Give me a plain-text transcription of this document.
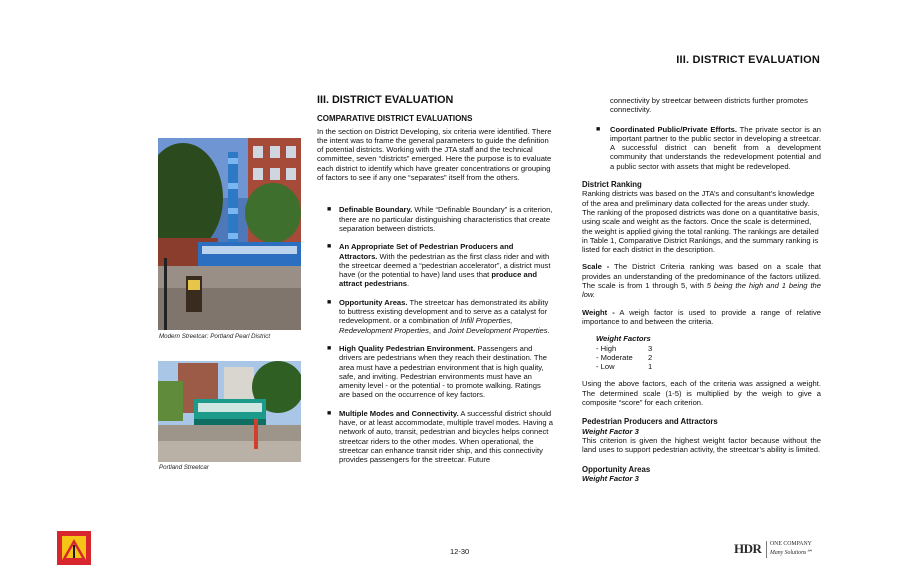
III. DISTRICT EVALUATION
Modern Streetcar: Portland Pearl District
Portland Streetcar
III. DISTRICT EVALUATION
COMPARATIVE DISTRICT EVALUATIONS

In the section on District Developing, six criteria were identified. There the intent was to frame the general parameters to guide the definition of potential districts. Working with the JTA staff and the technical committee, seven “districts” emerged. Here the purpose is to evaluate each district to identify which have greater concentrations or grouping of factors to see if any one “separates” itself from the others.

■ Definable Boundary. While “Definable Boundary” is a criterion, there are no particular distinguishing characteristics that create separation between districts.
■ An Appropriate Set of Pedestrian Producers and Attractors. With the pedestrian as the first class rider and with the streetcar deemed a “pedestrian accelerator”, a district must have (or the potential to have) land uses that produce and attract pedestrians.
■ Opportunity Areas. The streetcar has demonstrated its ability to buttress existing development and to serve as a catalyst for redevelopment. or a combination of Infill Properties, Redevelopment Properties, and Joint Development Properties.
■ High Quality Pedestrian Environment. Passengers and drivers are pedestrians when they reach their destination. The area must have a pedestrian environment that is high quality, safe, and inviting. Pedestrian environments must have an amenity level - or the potential - to promote walking. Ratings are based on the occurrence of key factors.
■ Multiple Modes and Connectivity. A successful district should have, or at least accommodate, multiple travel modes. Having a network of auto, transit, pedestrian and bicycles helps connect streetcar riders to the other modes. When operational, the streetcar can enhance transit rider ship, and this connectivity provides passengers for the streetcar. Future

connectivity by streetcar between districts further promotes connectivity.

■ Coordinated Public/Private Efforts. The private sector is an important partner to the public sector in developing a streetcar. A successful district can benefit from a development community that understands the redevelopment potential and a public sector with assets that might be redeveloped.
District Ranking

Ranking districts was based on the JTA’s and consultant’s knowledge of the area and preliminary data collected for the areas under study. The ranking of the proposed districts was done on a quantitative basis, using scale and weight as the factors. Once the scale is determined, the weight is applied giving the total ranking. The rankings are detailed in Table 1, Comparative District Rankings, and the summary ranking is listed for each district in the description.

Scale - The District Criteria ranking was based on a scale that provides an understanding of the predominance of the factors utilized. The scale is from 1 through 5, with 5 being the high and 1 being the low.

Weight - A weigh factor is used to provide a range of relative importance to and between the criteria.

Weight Factors
- High	3
- Moderate	2
- Low	1

Using the above factors, each of the criteria was assigned a weight. The determined scale (1-5) is multiplied by the weigh to give a composite “score” for each criterion.

Pedestrian Producers and Attractors
Weight Factor 3

This criterion is given the highest weight factor because without the land uses to support pedestrian activity, the streetcar’s ability is limited.

Opportunity Areas
Weight Factor 3
12-30	HDR ONE COMPANY
Many Solutions℠
